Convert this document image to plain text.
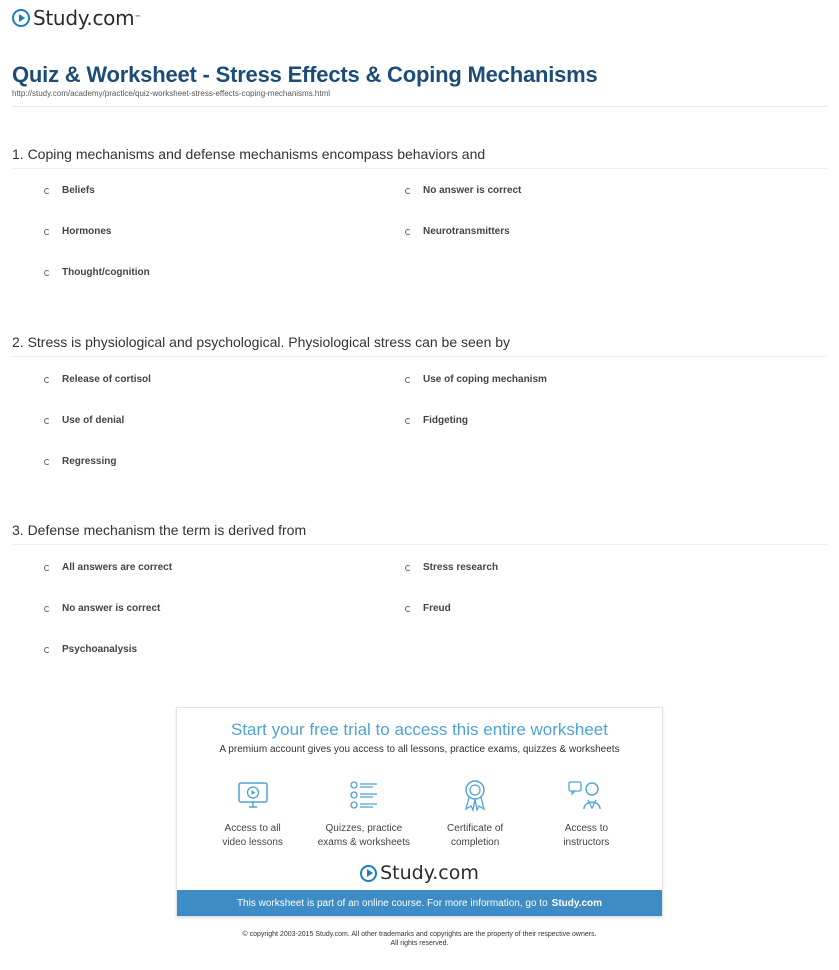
Study.com ™
Quiz & Worksheet - Stress Effects & Coping Mechanisms
http://study.com/academy/practice/quiz-worksheet-stress-effects-coping-mechanisms.html
1. Coping mechanisms and defense mechanisms encompass behaviors and
Beliefs	No answer is correct
Hormones	Neurotransmitters
Thought/cognition
2. Stress is physiological and psychological. Physiological stress can be seen by
Release of cortisol	Use of coping mechanism
Use of denial	Fidgeting
Regressing
3. Defense mechanism the term is derived from
All answers are correct	Stress research
No answer is correct	Freud
Psychoanalysis
Start your free trial to access this entire worksheet
A premium account gives you access to all lessons, practice exams, quizzes & worksheets
Access to all
video lessons
Quizzes, practice
exams & worksheets
Certificate of
completion
Access to
instructors
Study.com
This worksheet is part of an online course. For more information, go to Study.com
© copyright 2003-2015 Study.com. All other trademarks and copyrights are the property of their respective owners.
All rights reserved.
